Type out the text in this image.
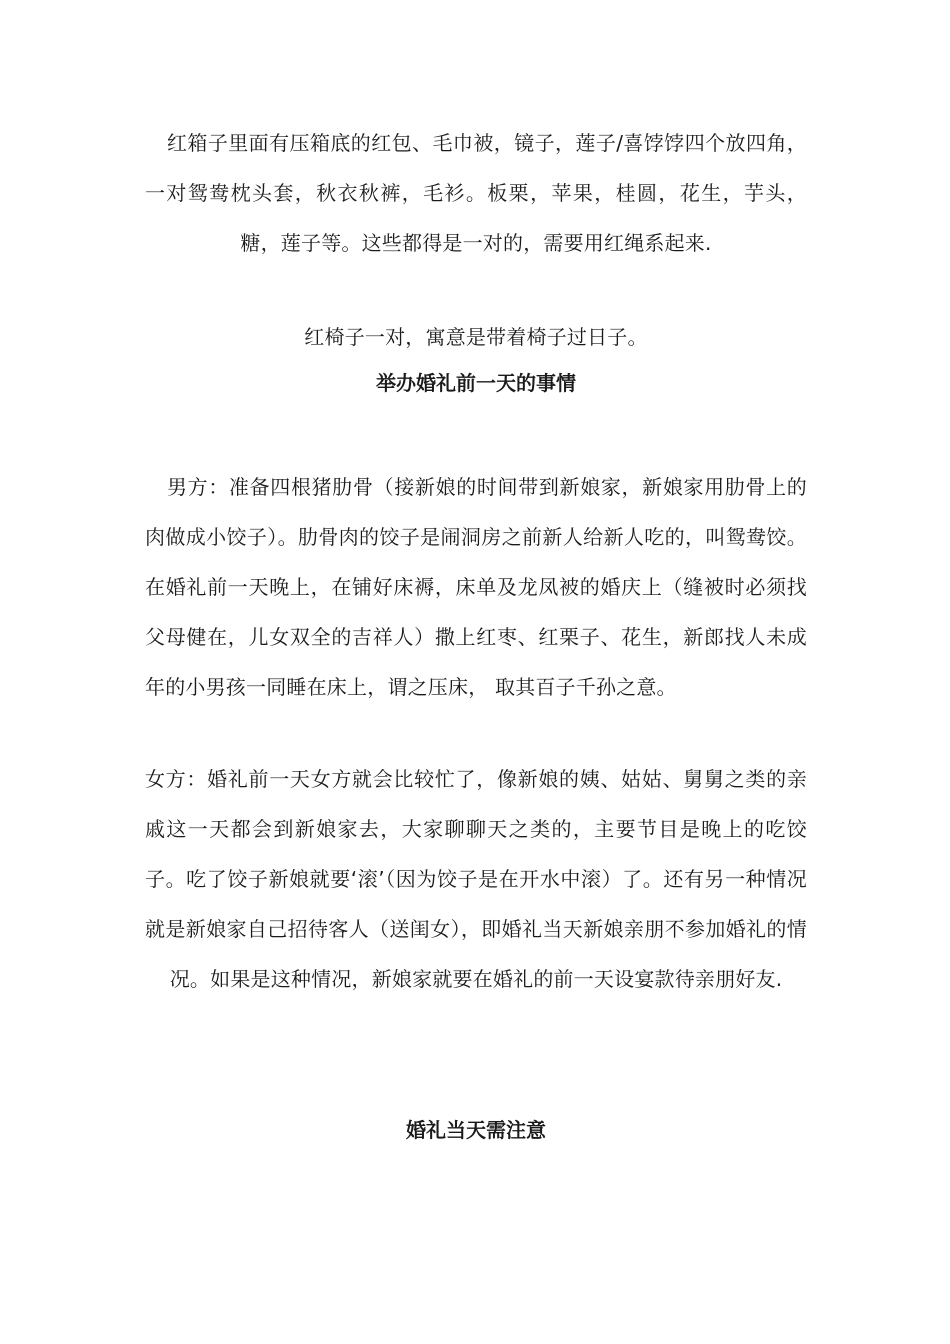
红箱子里面有压箱底的红包、毛巾被，镜子，莲子/喜饽饽四个放四角，一对鸳鸯枕头套，秋衣秋裤，毛衫。板栗，苹果，桂圆，花生，芋头，糖，莲子等。这些都得是一对的，需要用红绳系起来.

红椅子一对，寓意是带着椅子过日子。

举办婚礼前一天的事情

男方：准备四根猪肋骨（接新娘的时间带到新娘家，新娘家用肋骨上的肉做成小饺子）。肋骨肉的饺子是闹洞房之前新人给新人吃的，叫鸳鸯饺。在婚礼前一天晚上，在铺好床褥，床单及龙凤被的婚庆上（缝被时必须找父母健在，儿女双全的吉祥人）撒上红枣、红栗子、花生，新郎找人未成年的小男孩一同睡在床上，谓之压床， 取其百子千孙之意。

女方：婚礼前一天女方就会比较忙了，像新娘的姨、姑姑、舅舅之类的亲戚这一天都会到新娘家去，大家聊聊天之类的，主要节目是晚上的吃饺子。吃了饺子新娘就要‘滚’（因为饺子是在开水中滚）了。还有另一种情况就是新娘家自己招待客人（送闺女），即婚礼当天新娘亲朋不参加婚礼的情况。如果是这种情况，新娘家就要在婚礼的前一天设宴款待亲朋好友.

婚礼当天需注意
